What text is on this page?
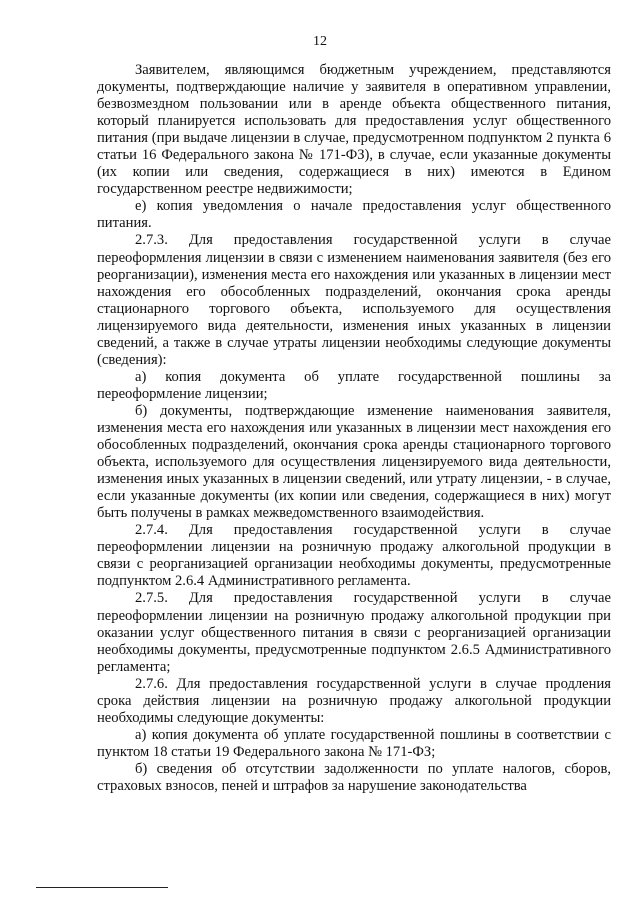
12

Заявителем, являющимся бюджетным учреждением, представляются документы, подтверждающие наличие у заявителя в оперативном управлении, безвозмездном пользовании или в аренде объекта общественного питания, который планируется использовать для предоставления услуг общественного питания (при выдаче лицензии в случае, предусмотренном подпунктом 2 пункта 6 статьи 16 Федерального закона № 171-ФЗ), в случае, если указанные документы (их копии или сведения, содержащиеся в них) имеются в Едином государственном реестре недвижимости;

е) копия уведомления о начале предоставления услуг общественного питания.

2.7.3. Для предоставления государственной услуги в случае переоформления лицензии в связи с изменением наименования заявителя (без его реорганизации), изменения места его нахождения или указанных в лицензии мест нахождения его обособленных подразделений, окончания срока аренды стационарного торгового объекта, используемого для осуществления лицензируемого вида деятельности, изменения иных указанных в лицензии сведений, а также в случае утраты лицензии необходимы следующие документы (сведения):

а) копия документа об уплате государственной пошлины за переоформление лицензии;

б) документы, подтверждающие изменение наименования заявителя, изменения места его нахождения или указанных в лицензии мест нахождения его обособленных подразделений, окончания срока аренды стационарного торгового объекта, используемого для осуществления лицензируемого вида деятельности, изменения иных указанных в лицензии сведений, или утрату лицензии, - в случае, если указанные документы (их копии или сведения, содержащиеся в них) могут быть получены в рамках межведомственного взаимодействия.

2.7.4. Для предоставления государственной услуги в случае переоформлении лицензии на розничную продажу алкогольной продукции в связи с реорганизацией организации необходимы документы, предусмотренные подпунктом 2.6.4 Административного регламента.

2.7.5. Для предоставления государственной услуги в случае переоформлении лицензии на розничную продажу алкогольной продукции при оказании услуг общественного питания в связи с реорганизацией организации необходимы документы, предусмотренные подпунктом 2.6.5 Административного регламента;

2.7.6. Для предоставления государственной услуги в случае продления срока действия лицензии на розничную продажу алкогольной продукции необходимы следующие документы:

а) копия документа об уплате государственной пошлины в соответствии с пунктом 18 статьи 19 Федерального закона № 171-ФЗ;

б) сведения об отсутствии задолженности по уплате налогов, сборов, страховых взносов, пеней и штрафов за нарушение законодательства
